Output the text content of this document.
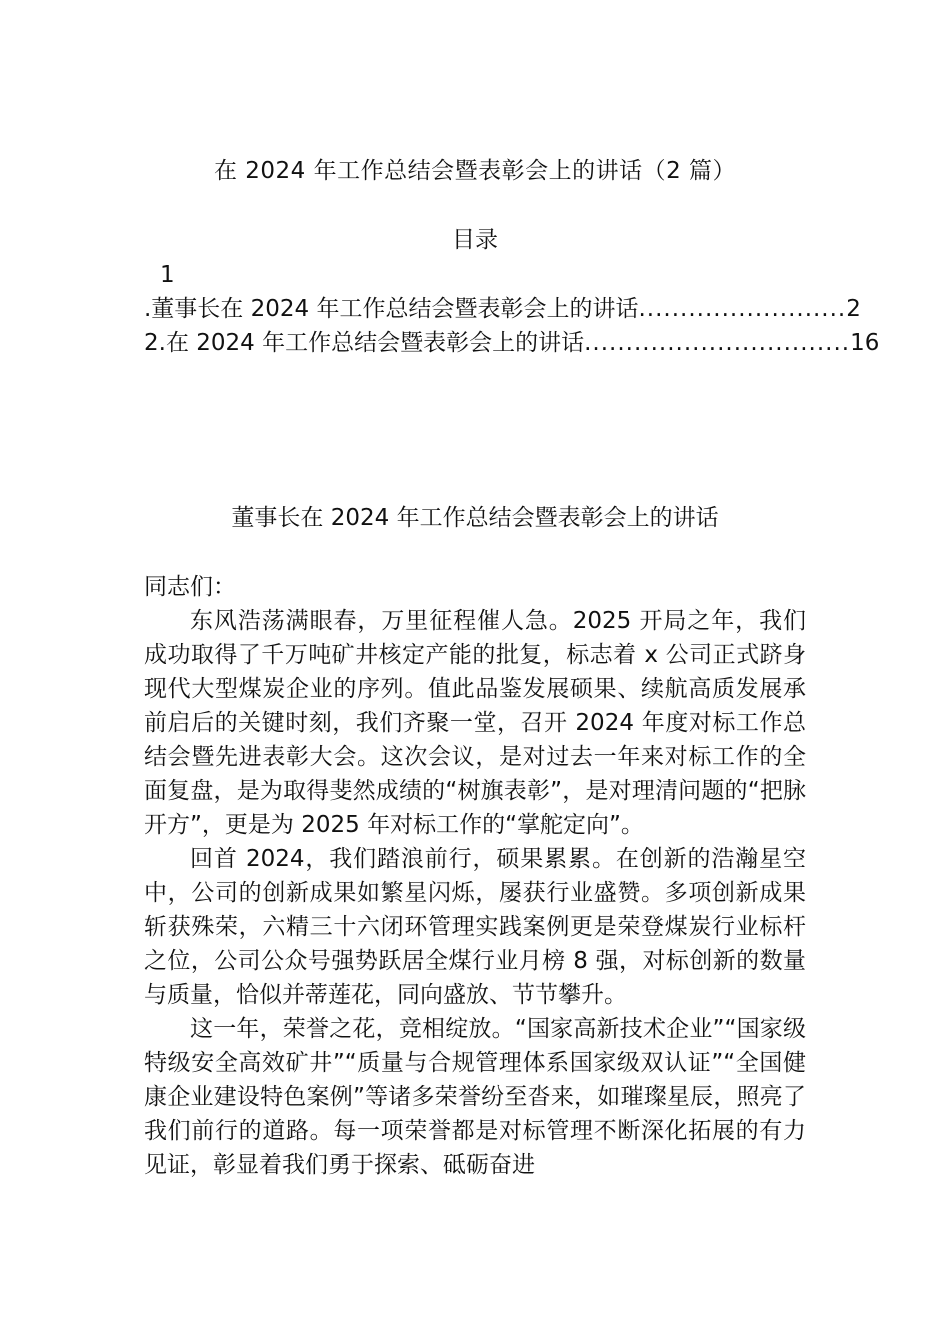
在 2024 年工作总结会暨表彰会上的讲话（2 篇）
目录
1
.董事长在 2024 年工作总结会暨表彰会上的讲话 ......................... 2
2.在 2024 年工作总结会暨表彰会上的讲话 ................................ 16
董事长在 2024 年工作总结会暨表彰会上的讲话

同志们：

东风浩荡满眼春，万里征程催人急。2025 开局之年，我们成功取得了千万吨矿井核定产能的批复，标志着 x 公司正式跻身现代大型煤炭企业的序列。值此品鉴发展硕果、续航高质发展承前启后的关键时刻，我们齐聚一堂，召开 2024 年度对标工作总结会暨先进表彰大会。这次会议，是对过去一年来对标工作的全面复盘，是为取得斐然成绩的“树旗表彰”，是对理清问题的“把脉开方”，更是为 2025 年对标工作的“掌舵定向”。

回首 2024，我们踏浪前行，硕果累累。在创新的浩瀚星空中，公司的创新成果如繁星闪烁，屡获行业盛赞。多项创新成果斩获殊荣，六精三十六闭环管理实践案例更是荣登煤炭行业标杆之位，公司公众号强势跃居全煤行业月榜 8 强，对标创新的数量与质量，恰似并蒂莲花，同向盛放、节节攀升。

这一年，荣誉之花，竞相绽放。“国家高新技术企业”“国家级特级安全高效矿井”“质量与合规管理体系国家级双认证”“全国健康企业建设特色案例”等诸多荣誉纷至沓来，如璀璨星辰，照亮了我们前行的道路。每一项荣誉都是对标管理不断深化拓展的有力见证，彰显着我们勇于探索、砥砺奋进
